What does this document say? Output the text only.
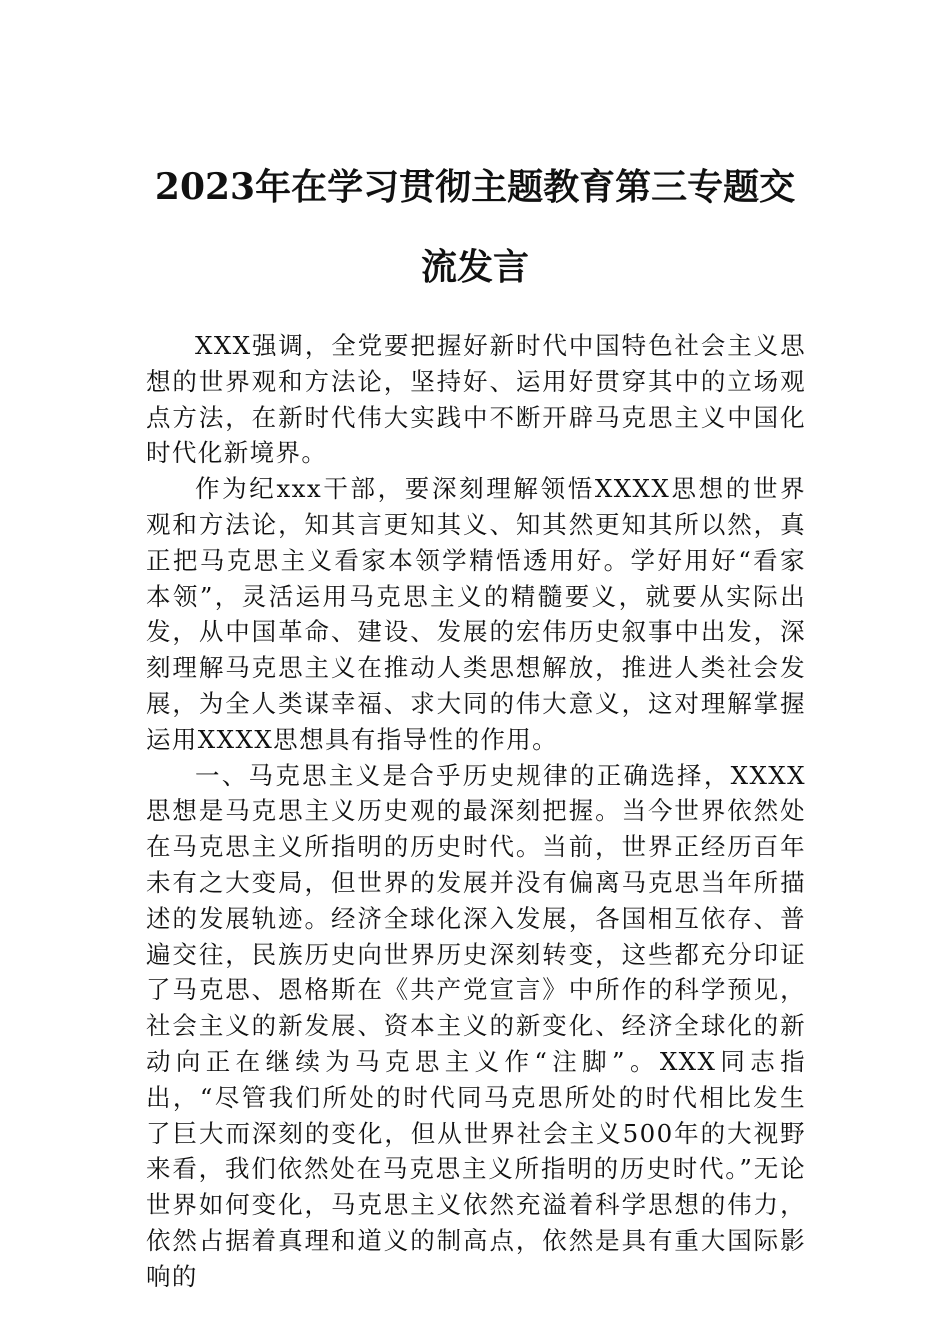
2023年在学习贯彻主题教育第三专题交流发言

XXX强调，全党要把握好新时代中国特色社会主义思想的世界观和方法论，坚持好、运用好贯穿其中的立场观点方法，在新时代伟大实践中不断开辟马克思主义中国化时代化新境界。

作为纪xxx干部，要深刻理解领悟XXXX思想的世界观和方法论，知其言更知其义、知其然更知其所以然，真正把马克思主义看家本领学精悟透用好。学好用好“看家本领”，灵活运用马克思主义的精髓要义，就要从实际出发，从中国革命、建设、发展的宏伟历史叙事中出发，深刻理解马克思主义在推动人类思想解放，推进人类社会发展，为全人类谋幸福、求大同的伟大意义，这对理解掌握运用XXXX思想具有指导性的作用。

一、马克思主义是合乎历史规律的正确选择，XXXX思想是马克思主义历史观的最深刻把握。当今世界依然处在马克思主义所指明的历史时代。当前，世界正经历百年未有之大变局，但世界的发展并没有偏离马克思当年所描述的发展轨迹。经济全球化深入发展，各国相互依存、普遍交往，民族历史向世界历史深刻转变，这些都充分印证了马克思、恩格斯在《共产党宣言》中所作的科学预见，社会主义的新发展、资本主义的新变化、经济全球化的新动向正在继续为马克思主义作“注脚”。XXX同志指出，“尽管我们所处的时代同马克思所处的时代相比发生了巨大而深刻的变化，但从世界社会主义500年的大视野来看，我们依然处在马克思主义所指明的历史时代。”无论世界如何变化，马克思主义依然充溢着科学思想的伟力，依然占据着真理和道义的制高点，依然是具有重大国际影响的
